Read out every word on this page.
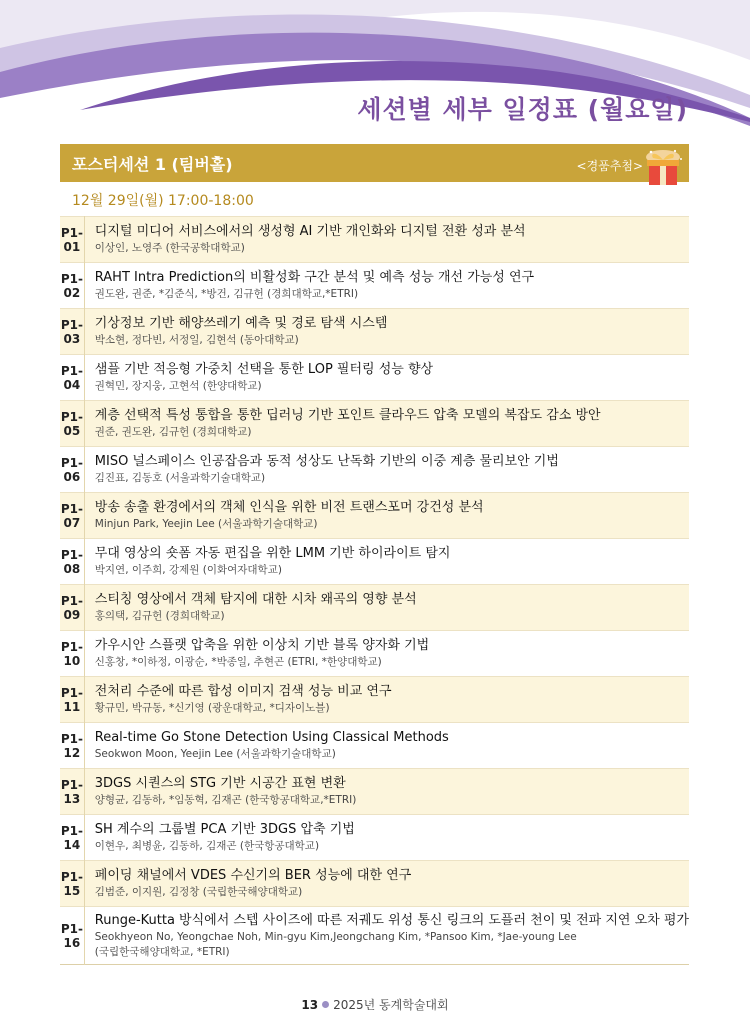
세션별 세부 일정표 (월요일)
포스터세션 1 (팀버홀)	<경품추첨>
12월 29일(월) 17:00-18:00
P1-01	디지털 미디어 서비스에서의 생성형 AI 기반 개인화와 디지털 전환 성과 분석
이상인, 노영주 (한국공학대학교)

P1-02	RAHT Intra Prediction의 비활성화 구간 분석 및 예측 성능 개선 가능성 연구
권도완, 권준, *김준식, *방건, 김규헌 (경희대학교,*ETRI)

P1-03	기상정보 기반 해양쓰레기 예측 및 경로 탐색 시스템
박소현, 정다빈, 서정일, 김현석 (동아대학교)

P1-04	샘플 기반 적응형 가중치 선택을 통한 LOP 필터링 성능 향상
권혁민, 장지웅, 고현석 (한양대학교)

P1-05	계층 선택적 특성 통합을 통한 딥러닝 기반 포인트 클라우드 압축 모델의 복잡도 감소 방안
권준, 권도완, 김규헌 (경희대학교)

P1-06	MISO 널스페이스 인공잡음과 동적 성상도 난독화 기반의 이중 계층 물리보안 기법
김진표, 김동호 (서울과학기술대학교)

P1-07	방송 송출 환경에서의 객체 인식을 위한 비전 트랜스포머 강건성 분석
Minjun Park, Yeejin Lee (서울과학기술대학교)

P1-08	무대 영상의 숏폼 자동 편집을 위한 LMM 기반 하이라이트 탐지
박지연, 이주희, 강제원 (이화여자대학교)

P1-09	스티칭 영상에서 객체 탐지에 대한 시차 왜곡의 영향 분석
홍의택, 김규헌 (경희대학교)

P1-10	가우시안 스플랫 압축을 위한 이상치 기반 블록 양자화 기법
신홍창, *이하정, 이광순, *박종일, 추현곤 (ETRI, *한양대학교)

P1-11	전처리 수준에 따른 합성 이미지 검색 성능 비교 연구
황규민, 박규동, *신기영 (광운대학교, *디자이노블)

P1-12	Real-time Go Stone Detection Using Classical Methods
Seokwon Moon, Yeejin Lee (서울과학기술대학교)

P1-13	3DGS 시퀀스의 STG 기반 시공간 표현 변환
양형균, 김동하, *임동혁, 김재곤 (한국항공대학교,*ETRI)

P1-14	SH 계수의 그룹별 PCA 기반 3DGS 압축 기법
이현우, 최병윤, 김동하, 김재곤 (한국항공대학교)

P1-15	페이딩 채널에서 VDES 수신기의 BER 성능에 대한 연구
김범준, 이지원, 김정창 (국립한국해양대학교)

P1-16	Runge-Kutta 방식에서 스텝 사이즈에 따른 저궤도 위성 통신 링크의 도플러 천이 및 전파 지연 오차 평가
Seokhyeon No, Yeongchae Noh, Min-gyu Kim,Jeongchang Kim, *Pansoo Kim, *Jae-young Lee
(국립한국해양대학교, *ETRI)
13 2025년 동계학술대회
